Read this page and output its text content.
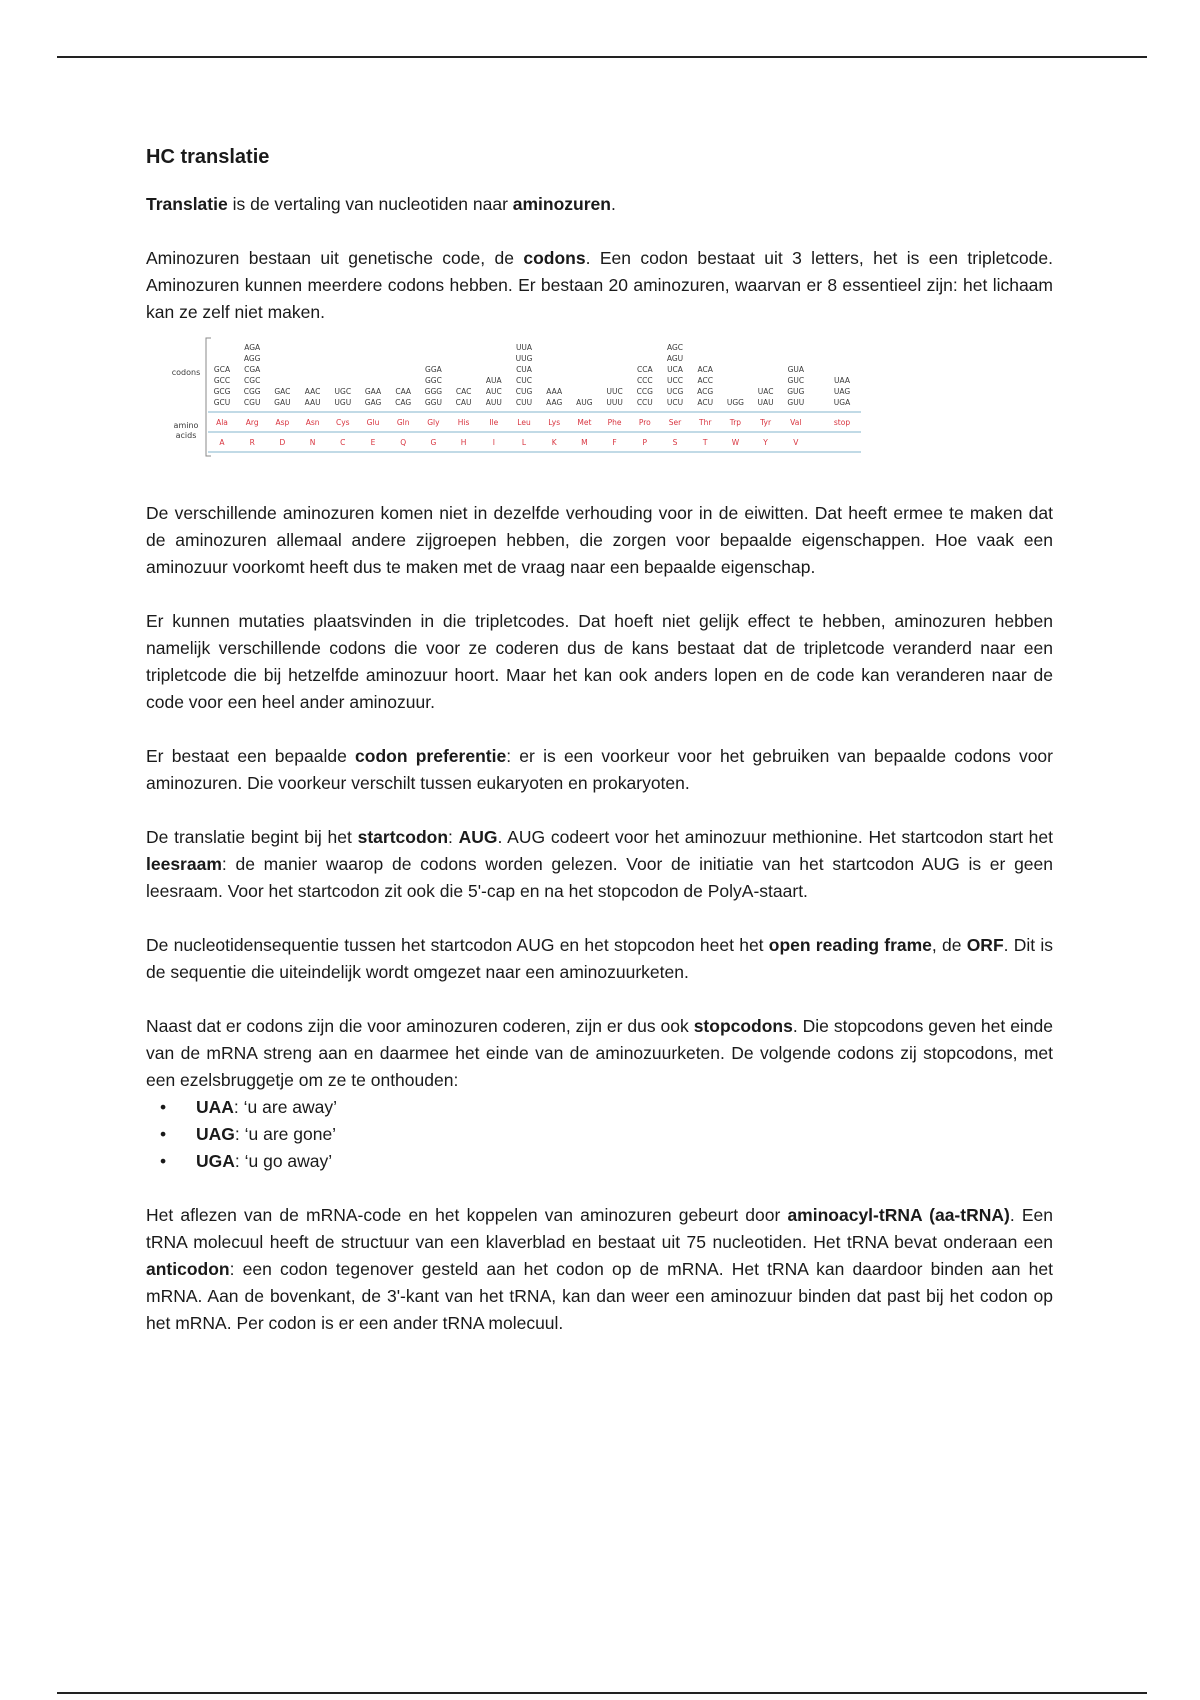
HC translatie

Translatie is de vertaling van nucleotiden naar aminozuren.

Aminozuren bestaan uit genetische code, de codons. Een codon bestaat uit 3 letters, het is een tripletcode. Aminozuren kunnen meerdere codons hebben. Er bestaan 20 aminozuren, waarvan er 8 essentieel zijn: het lichaam kan ze zelf niet maken.

codons
amino
acids
GCA
GCC
GCG
GCU
Ala
A
AGA
AGG
CGA
CGC
CGG
CGU
Arg
R
GAC
GAU
Asp
D
AAC
AAU
Asn
N
UGC
UGU
Cys
C
GAA
GAG
Glu
E
CAA
CAG
Gln
Q
GGA
GGC
GGG
GGU
Gly
G
CAC
CAU
His
H
AUA
AUC
AUU
Ile
I
UUA
UUG
CUA
CUC
CUG
CUU
Leu
L
AAA
AAG
Lys
K
AUG
Met
M
UUC
UUU
Phe
F
CCA
CCC
CCG
CCU
Pro
P
AGC
AGU
UCA
UCC
UCG
UCU
Ser
S
ACA
ACC
ACG
ACU
Thr
T
UGG
Trp
W
UAC
UAU
Tyr
Y
GUA
GUC
GUG
GUU
Val
V
UAA
UAG
UGA
stop

De verschillende aminozuren komen niet in dezelfde verhouding voor in de eiwitten. Dat heeft ermee te maken dat de aminozuren allemaal andere zijgroepen hebben, die zorgen voor bepaalde eigenschappen. Hoe vaak een aminozuur voorkomt heeft dus te maken met de vraag naar een bepaalde eigenschap.

Er kunnen mutaties plaatsvinden in die tripletcodes. Dat hoeft niet gelijk effect te hebben, aminozuren hebben namelijk verschillende codons die voor ze coderen dus de kans bestaat dat de tripletcode veranderd naar een tripletcode die bij hetzelfde aminozuur hoort. Maar het kan ook anders lopen en de code kan veranderen naar de code voor een heel ander aminozuur.

Er bestaat een bepaalde codon preferentie: er is een voorkeur voor het gebruiken van bepaalde codons voor aminozuren. Die voorkeur verschilt tussen eukaryoten en prokaryoten.

De translatie begint bij het startcodon: AUG. AUG codeert voor het aminozuur methionine. Het startcodon start het leesraam: de manier waarop de codons worden gelezen. Voor de initiatie van het startcodon AUG is er geen leesraam. Voor het startcodon zit ook die 5'-cap en na het stopcodon de PolyA-staart.

De nucleotidensequentie tussen het startcodon AUG en het stopcodon heet het open reading frame, de ORF. Dit is de sequentie die uiteindelijk wordt omgezet naar een aminozuurketen.

Naast dat er codons zijn die voor aminozuren coderen, zijn er dus ook stopcodons. Die stopcodons geven het einde van de mRNA streng aan en daarmee het einde van de aminozuurketen. De volgende codons zij stopcodons, met een ezelsbruggetje om ze te onthouden:

• UAA: ‘u are away’
• UAG: ‘u are gone’
• UGA: ‘u go away’

Het aflezen van de mRNA-code en het koppelen van aminozuren gebeurt door aminoacyl-tRNA (aa-tRNA). Een tRNA molecuul heeft de structuur van een klaverblad en bestaat uit 75 nucleotiden. Het tRNA bevat onderaan een anticodon: een codon tegenover gesteld aan het codon op de mRNA. Het tRNA kan daardoor binden aan het mRNA. Aan de bovenkant, de 3'-kant van het tRNA, kan dan weer een aminozuur binden dat past bij het codon op het mRNA. Per codon is er een ander tRNA molecuul.
